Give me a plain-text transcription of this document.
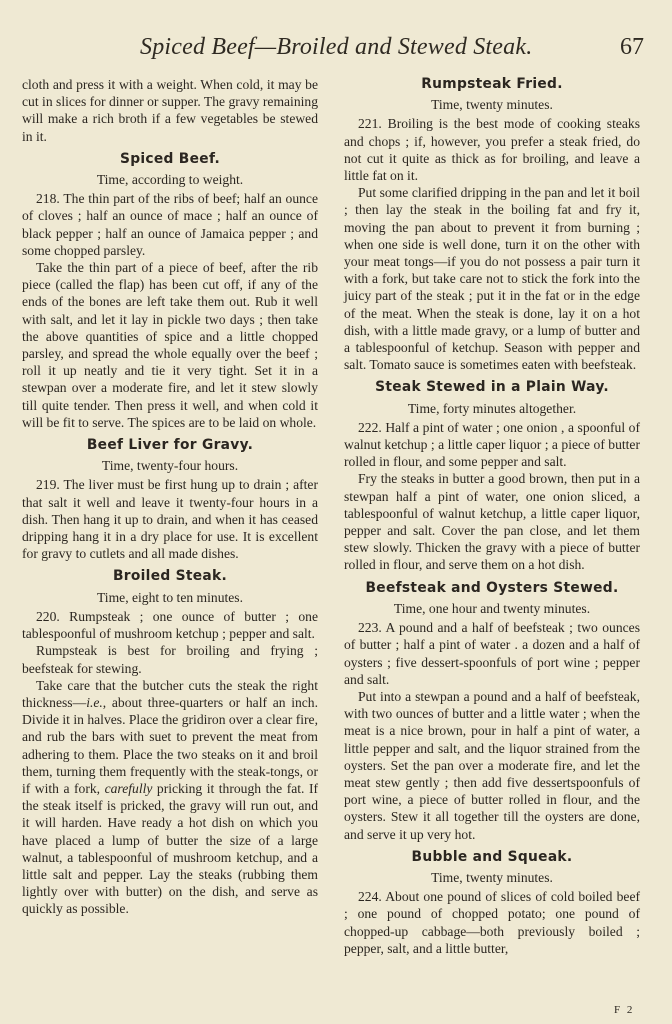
Spiced Beef—Broiled and Stewed Steak.	67

cloth and press it with a weight. When cold, it may be cut in slices for dinner or supper. The gravy remaining will make a rich broth if a few vegetables be stewed in it.

Spiced Beef.

Time, according to weight.

218. The thin part of the ribs of beef; half an ounce of cloves ; half an ounce of mace ; half an ounce of black pepper ; half an ounce of Jamaica pepper ; and some chopped parsley.

Take the thin part of a piece of beef, after the rib piece (called the flap) has been cut off, if any of the ends of the bones are left take them out. Rub it well with salt, and let it lay in pickle two days ; then take the above quantities of spice and a little chopped parsley, and spread the whole equally over the beef ; roll it up neatly and tie it very tight. Set it in a stewpan over a moderate fire, and let it stew slowly till quite tender. Then press it well, and when cold it will be fit to serve. The spices are to be laid on whole.

Beef Liver for Gravy.

Time, twenty-four hours.

219. The liver must be first hung up to drain ; after that salt it well and leave it twenty-four hours in a dish. Then hang it up to drain, and when it has ceased dripping hang it in a dry place for use. It is excellent for gravy to cutlets and all made dishes.

Broiled Steak.

Time, eight to ten minutes.

220. Rumpsteak ; one ounce of butter ; one tablespoonful of mushroom ketchup ; pepper and salt.

Rumpsteak is best for broiling and frying ; beefsteak for stewing.

Take care that the butcher cuts the steak the right thickness—i.e., about three-quarters or half an inch. Divide it in halves. Place the gridiron over a clear fire, and rub the bars with suet to prevent the meat from adhering to them. Place the two steaks on it and broil them, turning them frequently with the steak-tongs, or if with a fork, carefully pricking it through the fat. If the steak itself is pricked, the gravy will run out, and it will harden. Have ready a hot dish on which you have placed a lump of butter the size of a large walnut, a tablespoonful of mushroom ketchup, and a little salt and pepper. Lay the steaks (rubbing them lightly over with butter) on the dish, and serve as quickly as possible.

Rumpsteak Fried.

Time, twenty minutes.

221. Broiling is the best mode of cooking steaks and chops ; if, however, you prefer a steak fried, do not cut it quite as thick as for broiling, and leave a little fat on it.

Put some clarified dripping in the pan and let it boil ; then lay the steak in the boiling fat and fry it, moving the pan about to prevent it from burning ; when one side is well done, turn it on the other with your meat tongs—if you do not possess a pair turn it with a fork, but take care not to stick the fork into the juicy part of the steak ; put it in the fat or in the edge of the meat. When the steak is done, lay it on a hot dish, with a little made gravy, or a lump of butter and a tablespoonful of ketchup. Season with pepper and salt. Tomato sauce is sometimes eaten with beefsteak.

Steak Stewed in a Plain Way.

Time, forty minutes altogether.

222. Half a pint of water ; one onion , a spoonful of walnut ketchup ; a little caper liquor ; a piece of butter rolled in flour, and some pepper and salt.

Fry the steaks in butter a good brown, then put in a stewpan half a pint of water, one onion sliced, a tablespoonful of walnut ketchup, a little caper liquor, pepper and salt. Cover the pan close, and let them stew slowly. Thicken the gravy with a piece of butter rolled in flour, and serve them on a hot dish.

Beefsteak and Oysters Stewed.

Time, one hour and twenty minutes.

223. A pound and a half of beefsteak ; two ounces of butter ; half a pint of water . a dozen and a half of oysters ; five dessert-spoonfuls of port wine ; pepper and salt.

Put into a stewpan a pound and a half of beefsteak, with two ounces of butter and a little water ; when the meat is a nice brown, pour in half a pint of water, a little pepper and salt, and the liquor strained from the oysters. Set the pan over a moderate fire, and let the meat stew gently ; then add five dessertspoonfuls of port wine, a piece of butter rolled in flour, and the oysters. Stew it all together till the oysters are done, and serve it up very hot.

Bubble and Squeak.

Time, twenty minutes.

224. About one pound of slices of cold boiled beef ; one pound of chopped potato; one pound of chopped-up cabbage—both previously boiled ; pepper, salt, and a little butter,

F 2
